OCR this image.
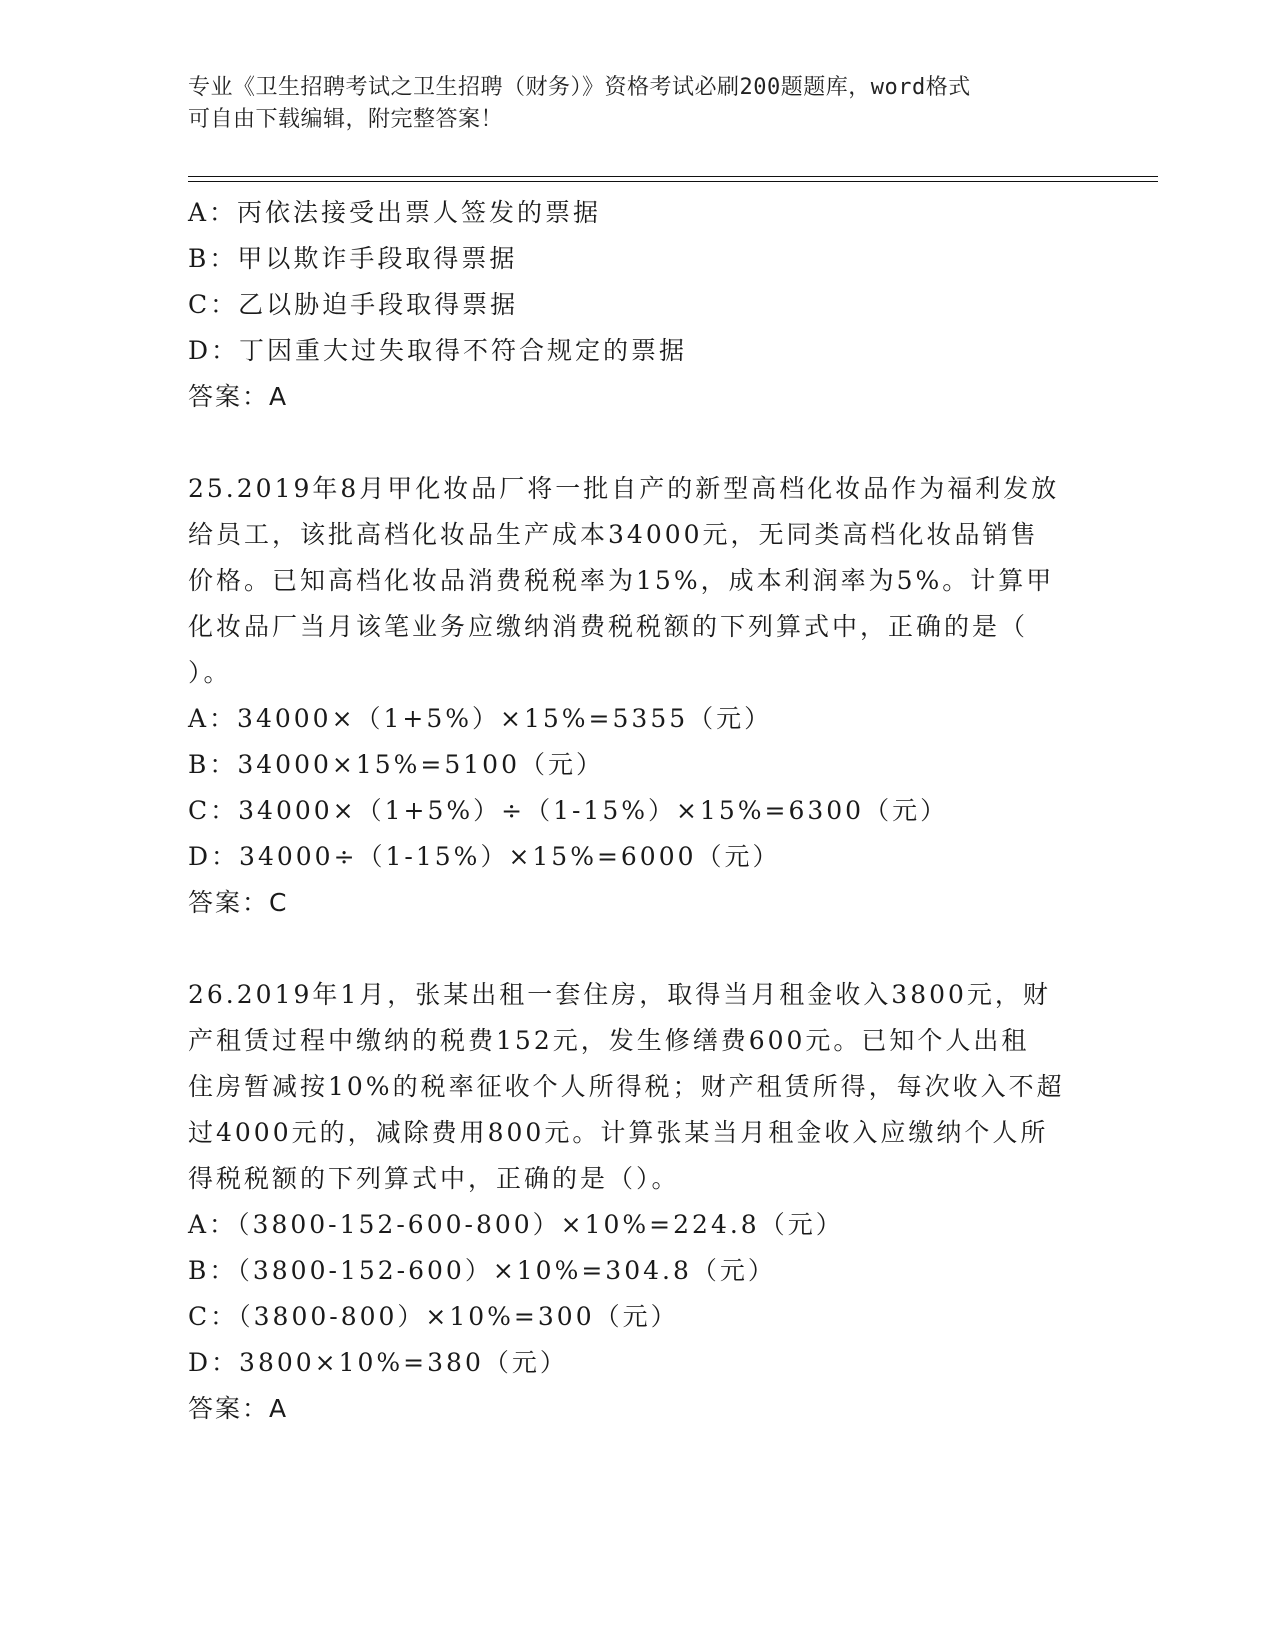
专业《卫生招聘考试之卫生招聘（财务）》资格考试必刷200题题库，word格式
可自由下载编辑，附完整答案！
A：丙依法接受出票人签发的票据
B：甲以欺诈手段取得票据
C：乙以胁迫手段取得票据
D：丁因重大过失取得不符合规定的票据
答案：A
25.2019年8月甲化妆品厂将一批自产的新型高档化妆品作为福利发放
给员工，该批高档化妆品生产成本34000元，无同类高档化妆品销售
价格。已知高档化妆品消费税税率为15%，成本利润率为5%。计算甲
化妆品厂当月该笔业务应缴纳消费税税额的下列算式中，正确的是（
）。
A：34000×（1+5%）×15%=5355（元）
B：34000×15%=5100（元）
C：34000×（1+5%）÷（1-15%）×15%=6300（元）
D：34000÷（1-15%）×15%=6000（元）
答案：C
26.2019年1月，张某出租一套住房，取得当月租金收入3800元，财
产租赁过程中缴纳的税费152元，发生修缮费600元。已知个人出租
住房暂减按10%的税率征收个人所得税；财产租赁所得，每次收入不超
过4000元的，减除费用800元。计算张某当月租金收入应缴纳个人所
得税税额的下列算式中，正确的是（）。
A：（3800-152-600-800）×10%=224.8（元）
B：（3800-152-600）×10%=304.8（元）
C：（3800-800）×10%=300（元）
D：3800×10%=380（元）
答案：A
